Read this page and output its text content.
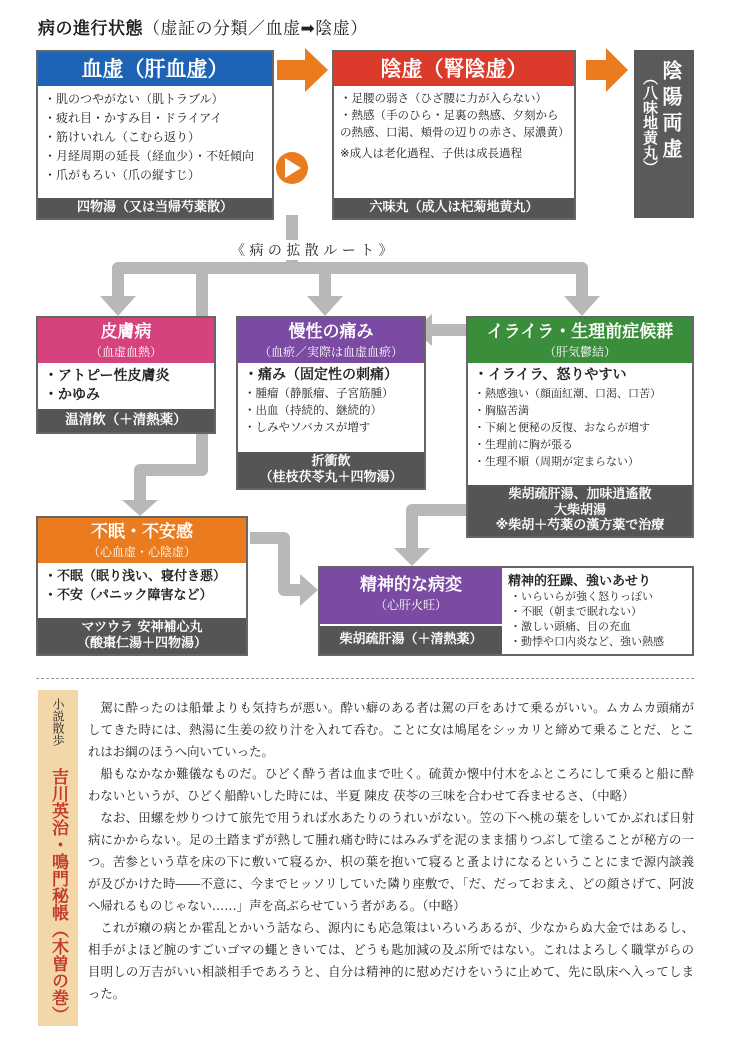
病の進行状態（虚証の分類／血虚➡陰虚）
《 病 の 拡 散 ル ー ト 》
血虚（肝血虚）
・ 肌のつやがない（肌トラブル）
・ 疲れ目・かすみ目・ドライアイ
・ 筋けいれん（こむら返り）
・ 月経周期の延長（経血少）・不妊傾向
・ 爪がもろい（爪の縦すじ）
四物湯（又は当帰芍薬散）
陰虚（腎陰虚）
・ 足腰の弱さ（ひざ腰に力が入らない）
・ 熱感（手のひら・足裏の熱感、夕刻からの熱感、口渇、頬骨の辺りの赤さ、尿濃黄）
※成人は老化過程、子供は成長過程
六味丸（成人は杞菊地黄丸）
陰陽両虚
（八味地黄丸）
皮膚病
（血虚血熱）
・ アトピー性皮膚炎
・ かゆみ
温清飲（＋清熱薬）
慢性の痛み
（血瘀／実際は血虚血瘀）
・痛み（固定性の刺痛）
・ 腫瘤（静脈瘤、子宮筋腫）
・ 出血（持続的、継続的）
・ しみやソバカスが増す
折衝飲
（桂枝茯苓丸＋四物湯）
イライラ・生理前症候群
（肝気鬱結）
・イライラ、怒りやすい
・ 熱感強い（顔面紅潮、口渇、口苦）
・ 胸脇苦満
・ 下痢と便秘の反復、おならが増す
・ 生理前に胸が張る
・ 生理不順（周期が定まらない）
柴胡疏肝湯、加味逍遙散
大柴胡湯
※柴胡＋芍薬の漢方薬で治療
不眠・不安感
（心血虚・心陰虚）
・ 不眠（眠り浅い、寝付き悪）
・ 不安（パニック障害など）
マツウラ 安神補心丸
（酸棗仁湯＋四物湯）
精神的な病変
（心肝火旺）
柴胡疏肝湯（＋清熱薬）
精神的狂躁、強いあせり
・ いらいらが強く怒りっぽい
・ 不眠（朝まで眠れない）
・ 激しい頭痛、目の充血
・ 動悸や口内炎など、強い熱感
小説散歩
吉川英治・鳴門秘帳（木曽の巻）

駕に酔ったのは船暈よりも気持ちが悪い。酔い癖のある者は駕の戸をあけて乗るがいい。ムカムカ頭痛がしてきた時には、熱湯に生姜の絞り汁を入れて呑む。ことに女は鳩尾をシッカリと締めて乗ることだ、とこれはお綱のほうへ向いていった。

船もなかなか難儀なものだ。ひどく酔う者は血まで吐く。硫黄か懐中付木をふところにして乗ると船に酔わないというが、ひどく船酔いした時には、半夏 陳皮 茯苓の三味を合わせて呑ませるさ、（中略）

なお、田螺を炒りつけて旅先で用うれば水あたりのうれいがない。笠の下へ桃の葉をしいてかぶれば日射病にかからない。足の土踏まずが熱して腫れ痛む時にはみみずを泥のまま擂りつぶして塗ることが秘方の一つ。苦参という草を床の下に敷いて寝るか、枳の葉を抱いて寝ると蚤よけになるということにまで源内談義が及びかけた時――不意に、今までヒッソリしていた隣り座敷で、「だ、だっておまえ、どの顔さげて、阿波へ帰れるものじゃない……」声を高ぶらせていう者がある。（中略）

これが癪の病とか霍乱とかいう話なら、源内にも応急策はいろいろあるが、少なからぬ大金ではあるし、相手がよほど腕のすごいゴマの蠅ときいては、どうも匙加減の及ぶ所ではない。これはよろしく職掌がらの目明しの万吉がいい相談相手であろうと、自分は精神的に慰めだけをいうに止めて、先に臥床へ入ってしまった。
